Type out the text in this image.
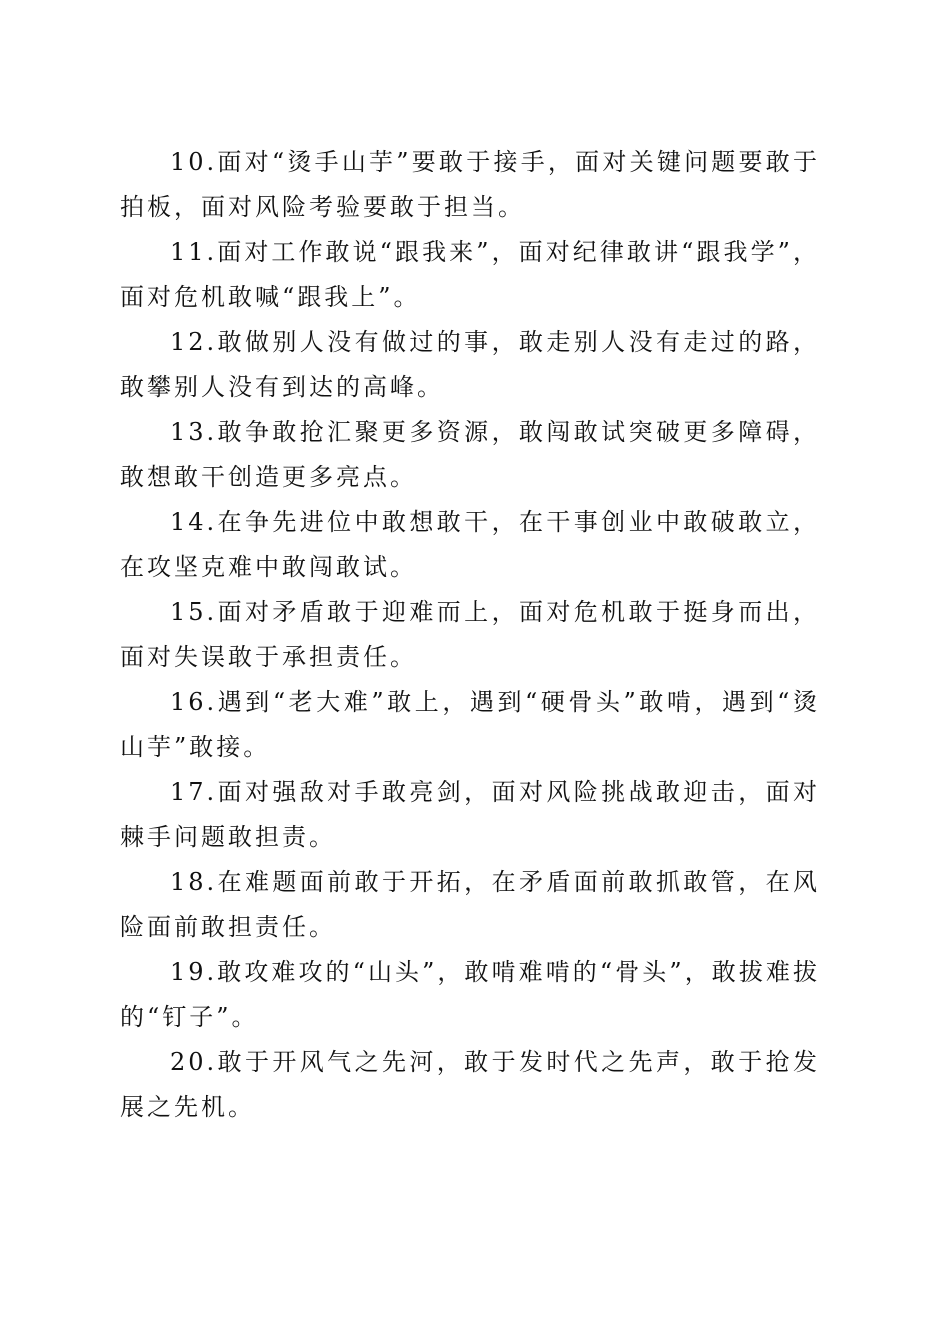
10.面对“烫手山芋”要敢于接手，面对关键问题要敢于拍板，面对风险考验要敢于担当。

11.面对工作敢说“跟我来”，面对纪律敢讲“跟我学”，面对危机敢喊“跟我上”。

12.敢做别人没有做过的事，敢走别人没有走过的路，敢攀别人没有到达的高峰。

13.敢争敢抢汇聚更多资源，敢闯敢试突破更多障碍，敢想敢干创造更多亮点。

14.在争先进位中敢想敢干，在干事创业中敢破敢立，在攻坚克难中敢闯敢试。

15.面对矛盾敢于迎难而上，面对危机敢于挺身而出，面对失误敢于承担责任。

16.遇到“老大难”敢上，遇到“硬骨头”敢啃，遇到“烫山芋”敢接。

17.面对强敌对手敢亮剑，面对风险挑战敢迎击，面对棘手问题敢担责。

18.在难题面前敢于开拓，在矛盾面前敢抓敢管，在风险面前敢担责任。

19.敢攻难攻的“山头”，敢啃难啃的“骨头”，敢拔难拔的“钉子”。

20.敢于开风气之先河，敢于发时代之先声，敢于抢发展之先机。
